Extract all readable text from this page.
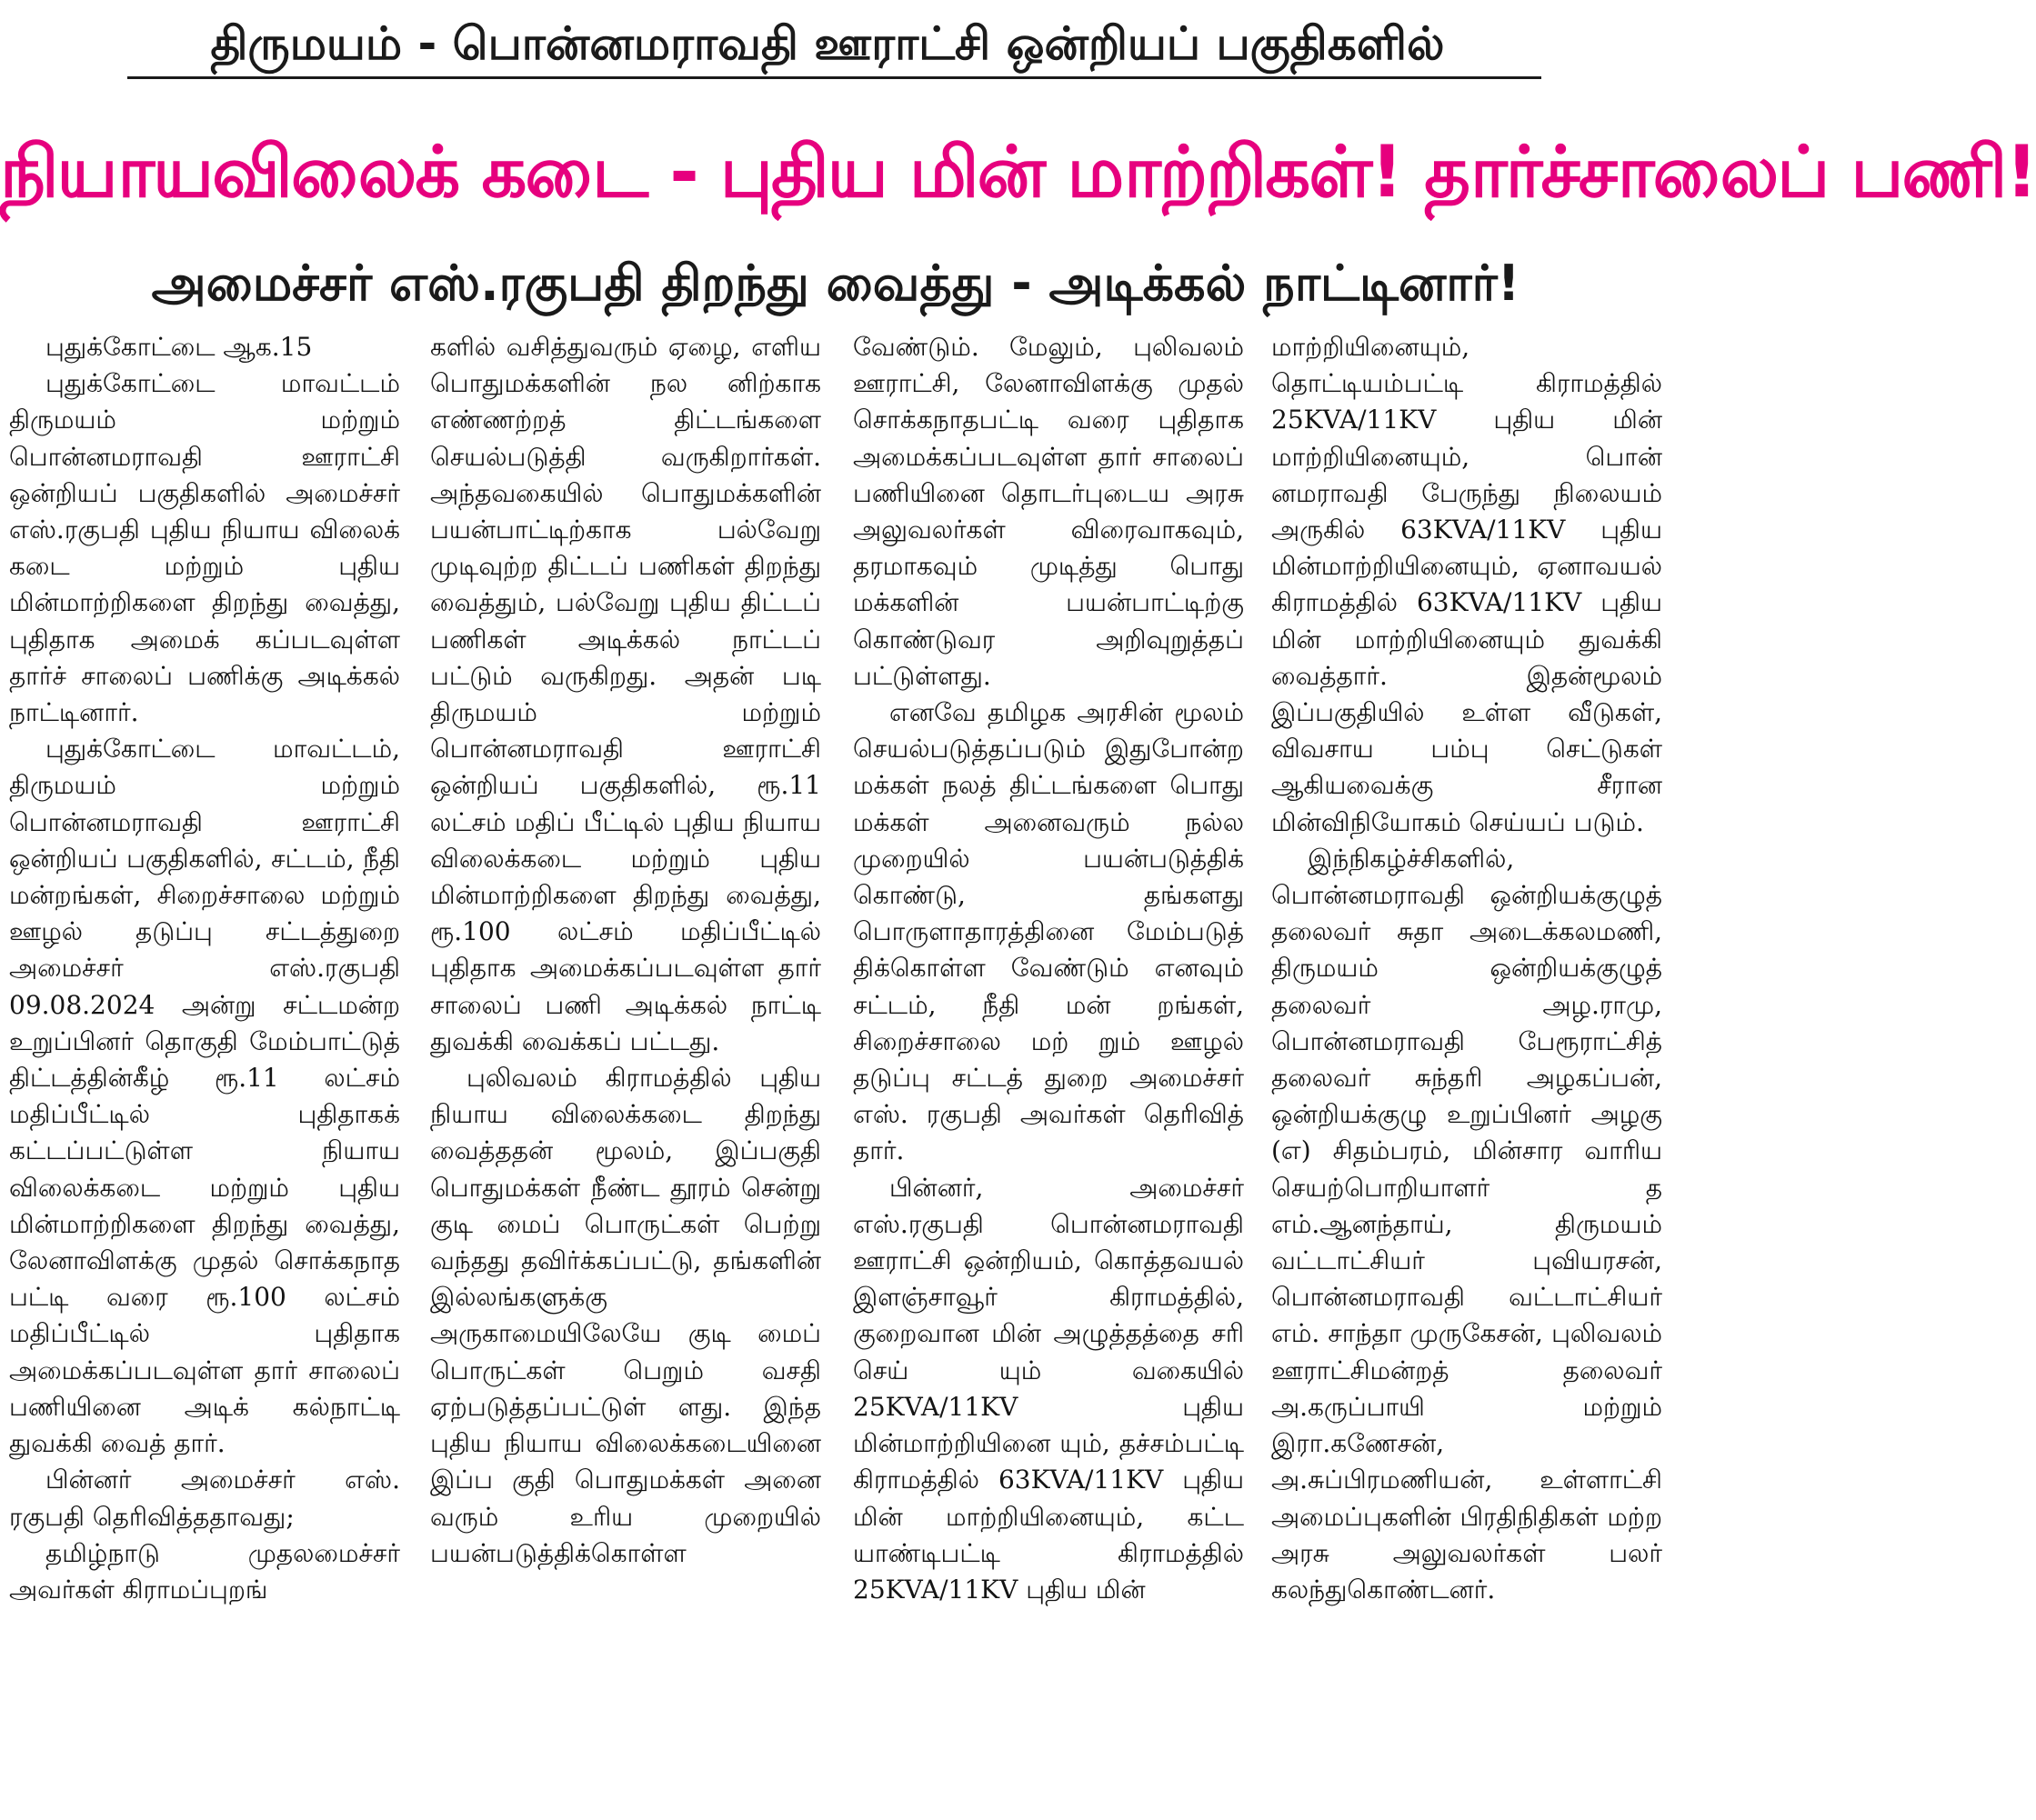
திருமயம் - பொன்னமராவதி ஊராட்சி ஒன்றியப் பகுதிகளில்
நியாயவிலைக் கடை - புதிய மின் மாற்றிகள்! தார்ச்சாலைப் பணி!
அமைச்சர் எஸ்.ரகுபதி திறந்து வைத்து - அடிக்கல் நாட்டினார்!

புதுக்கோட்டை ஆக.15

புதுக்கோட்டை மாவட்டம் திருமயம் மற்றும் பொன்னமராவதி ஊராட்சி ஒன்றியப் பகுதிகளில் அமைச்சர் எஸ்.ரகுபதி புதிய நியாய விலைக் கடை மற்றும் புதிய மின்மாற்றிகளை திறந்து வைத்து, புதிதாக அமைக் கப்படவுள்ள தார்ச் சாலைப் பணிக்கு அடிக்கல் நாட்டினார்.

புதுக்கோட்டை மாவட்டம், திருமயம் மற்றும் பொன்னமராவதி ஊராட்சி ஒன்றியப் பகுதிகளில், சட்டம், நீதி மன்றங்கள், சிறைச்சாலை மற்றும் ஊழல் தடுப்பு சட்டத்துறை அமைச்சர் எஸ்.ரகுபதி 09.08.2024 அன்று சட்டமன்ற உறுப்பினர் தொகுதி மேம்பாட்டுத் திட்டத்தின்கீழ் ரூ.11 லட்சம் மதிப்பீட்டில் புதிதாகக் கட்டப்பட்டுள்ள நியாய விலைக்கடை மற்றும் புதிய மின்மாற்றிகளை திறந்து வைத்து, லேனாவிளக்கு முதல் சொக்கநாத பட்டி வரை ரூ.100 லட்சம் மதிப்பீட்டில் புதிதாக அமைக்கப்படவுள்ள தார் சாலைப் பணியினை அடிக் கல்நாட்டி துவக்கி வைத் தார்.

பின்னர் அமைச்சர் எஸ். ரகுபதி தெரிவித்ததாவது;

தமிழ்நாடு முதலமைச்சர் அவர்கள் கிராமப்புறங்

களில் வசித்துவரும் ஏழை, எளிய பொதுமக்களின் நல னிற்காக எண்ணற்றத் திட்டங்களை செயல்படுத்தி வருகிறார்கள். அந்தவகையில் பொதுமக்களின் பயன்பாட்டிற்காக பல்வேறு முடிவுற்ற திட்டப் பணிகள் திறந்து வைத்தும், பல்வேறு புதிய திட்டப் பணிகள் அடிக்கல் நாட்டப் பட்டும் வருகிறது. அதன் படி திருமயம் மற்றும் பொன்னமராவதி ஊராட்சி ஒன்றியப் பகுதிகளில், ரூ.11 லட்சம் மதிப் பீட்டில் புதிய நியாய விலைக்கடை மற்றும் புதிய மின்மாற்றிகளை திறந்து வைத்து, ரூ.100 லட்சம் மதிப்பீட்டில் புதிதாக அமைக்கப்படவுள்ள தார் சாலைப் பணி அடிக்கல் நாட்டி துவக்கி வைக்கப் பட்டது.

புலிவலம் கிராமத்தில் புதிய நியாய விலைக்கடை திறந்து வைத்ததன் மூலம், இப்பகுதி பொதுமக்கள் நீண்ட தூரம் சென்று குடி மைப் பொருட்கள் பெற்று வந்தது தவிர்க்கப்பட்டு, தங்களின் இல்லங்களுக்கு அருகாமையிலேயே குடி மைப் பொருட்கள் பெறும் வசதி ஏற்படுத்தப்பட்டுள் ளது. இந்த புதிய நியாய விலைக்கடையினை இப்ப குதி பொதுமக்கள் அனை வரும் உரிய முறையில் பயன்படுத்திக்கொள்ள

வேண்டும். மேலும், புலிவலம் ஊராட்சி, லேனாவிளக்கு முதல் சொக்கநாதபட்டி வரை புதிதாக அமைக்கப்படவுள்ள தார் சாலைப் பணியினை தொடர்புடைய அரசு அலுவலர்கள் விரைவாகவும், தரமாகவும் முடித்து பொது மக்களின் பயன்பாட்டிற்கு கொண்டுவர அறிவுறுத்தப் பட்டுள்ளது.

எனவே தமிழக அரசின் மூலம் செயல்படுத்தப்படும் இதுபோன்ற மக்கள் நலத் திட்டங்களை பொது மக்கள் அனைவரும் நல்ல முறையில் பயன்படுத்திக் கொண்டு, தங்களது பொருளாதாரத்தினை மேம்படுத் திக்கொள்ள வேண்டும் எனவும் சட்டம், நீதி மன் றங்கள், சிறைச்சாலை மற் றும் ஊழல் தடுப்பு சட்டத் துறை அமைச்சர் எஸ். ரகுபதி அவர்கள் தெரிவித் தார்.

பின்னர், அமைச்சர் எஸ்.ரகுபதி பொன்னமராவதி ஊராட்சி ஒன்றியம், கொத்தவயல் இளஞ்சாவூர் கிராமத்தில், குறைவான மின் அழுத்தத்தை சரி செய் யும் வகையில் 25KVA/11KV புதிய மின்மாற்றியினை யும், தச்சம்பட்டி கிராமத்தில் 63KVA/11KV புதிய மின் மாற்றியினையும், கட்ட யாண்டிபட்டி கிராமத்தில் 25KVA/11KV புதிய மின்

மாற்றியினையும், தொட்டியம்பட்டி கிராமத்தில் 25KVA/11KV புதிய மின் மாற்றியினையும், பொன் னமராவதி பேருந்து நிலையம் அருகில் 63KVA/11KV புதிய மின்மாற்றியினையும், ஏனாவயல் கிராமத்தில் 63KVA/11KV புதிய மின் மாற்றியினையும் துவக்கி வைத்தார். இதன்மூலம் இப்பகுதியில் உள்ள வீடுகள், விவசாய பம்பு செட்டுகள் ஆகியவைக்கு சீரான மின்விநியோகம் செய்யப் படும்.

இந்நிகழ்ச்சிகளில், பொன்னமராவதி ஒன்றியக்குழுத் தலைவர் சுதா அடைக்கலமணி, திருமயம் ஒன்றியக்குழுத் தலைவர் அழ.ராமு, பொன்னமராவதி பேரூராட்சித் தலைவர் சுந்தரி அழகப்பன், ஒன்றியக்குழு உறுப்பினர் அழகு (எ) சிதம்பரம், மின்சார வாரிய செயற்பொறியாளர் த எம்.ஆனந்தாய், திருமயம் வட்டாட்சியர் புவியரசன், பொன்னமராவதி வட்டாட்சியர் எம். சாந்தா முருகேசன், புலிவலம் ஊராட்சிமன்றத் தலைவர் அ.கருப்பாயி மற்றும் இரா.கணேசன், அ.சுப்பிரமணியன், உள்ளாட்சி அமைப்புகளின் பிரதிநிதிகள் மற்ற அரசு அலுவலர்கள் பலர் கலந்துகொண்டனர்.
